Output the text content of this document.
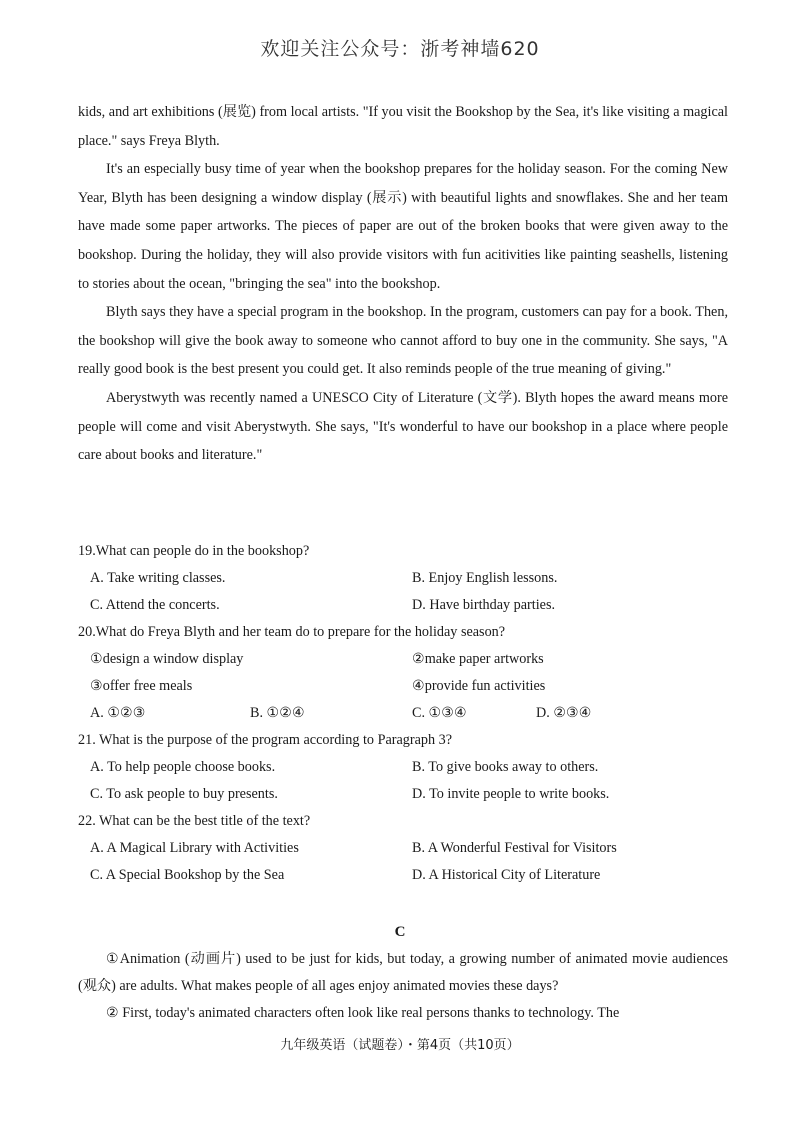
欢迎关注公众号：浙考神墙620

kids, and art exhibitions (展览) from local artists. "If you visit the Bookshop by the Sea, it's like visiting a magical place." says Freya Blyth.

It's an especially busy time of year when the bookshop prepares for the holiday season. For the coming New Year, Blyth has been designing a window display (展示) with beautiful lights and snowflakes. She and her team have made some paper artworks. The pieces of paper are out of the broken books that were given away to the bookshop. During the holiday, they will also provide visitors with fun acitivities like painting seashells, listening to stories about the ocean, "bringing the sea" into the bookshop.

Blyth says they have a special program in the bookshop. In the program, customers can pay for a book. Then, the bookshop will give the book away to someone who cannot afford to buy one in the community. She says, "A really good book is the best present you could get. It also reminds people of the true meaning of giving."

Aberystwyth was recently named a UNESCO City of Literature (文学). Blyth hopes the award means more people will come and visit Aberystwyth. She says, "It's wonderful to have our bookshop in a place where people care about books and literature."

19.What can people do in the bookshop?
A. Take writing classes.	B. Enjoy English lessons.
C. Attend the concerts.	D. Have birthday parties.
20.What do Freya Blyth and her team do to prepare for the holiday season?
①design a window display	②make paper artworks
③offer free meals	④provide fun activities
A. ①②③	B. ①②④	C. ①③④	D. ②③④
21. What is the purpose of the program according to Paragraph 3?
A. To help people choose books.	B. To give books away to others.
C. To ask people to buy presents.	D. To invite people to write books.
22. What can be the best title of the text?
A. A Magical Library with Activities	B. A Wonderful Festival for Visitors
C. A Special Bookshop by the Sea	D. A Historical City of Literature
C

①Animation (动画片) used to be just for kids, but today, a growing number of animated movie audiences (观众) are adults. What makes people of all ages enjoy animated movies these days?

② First, today's animated characters often look like real persons thanks to technology. The

九年级英语（试题卷）・第4页（共10页）
